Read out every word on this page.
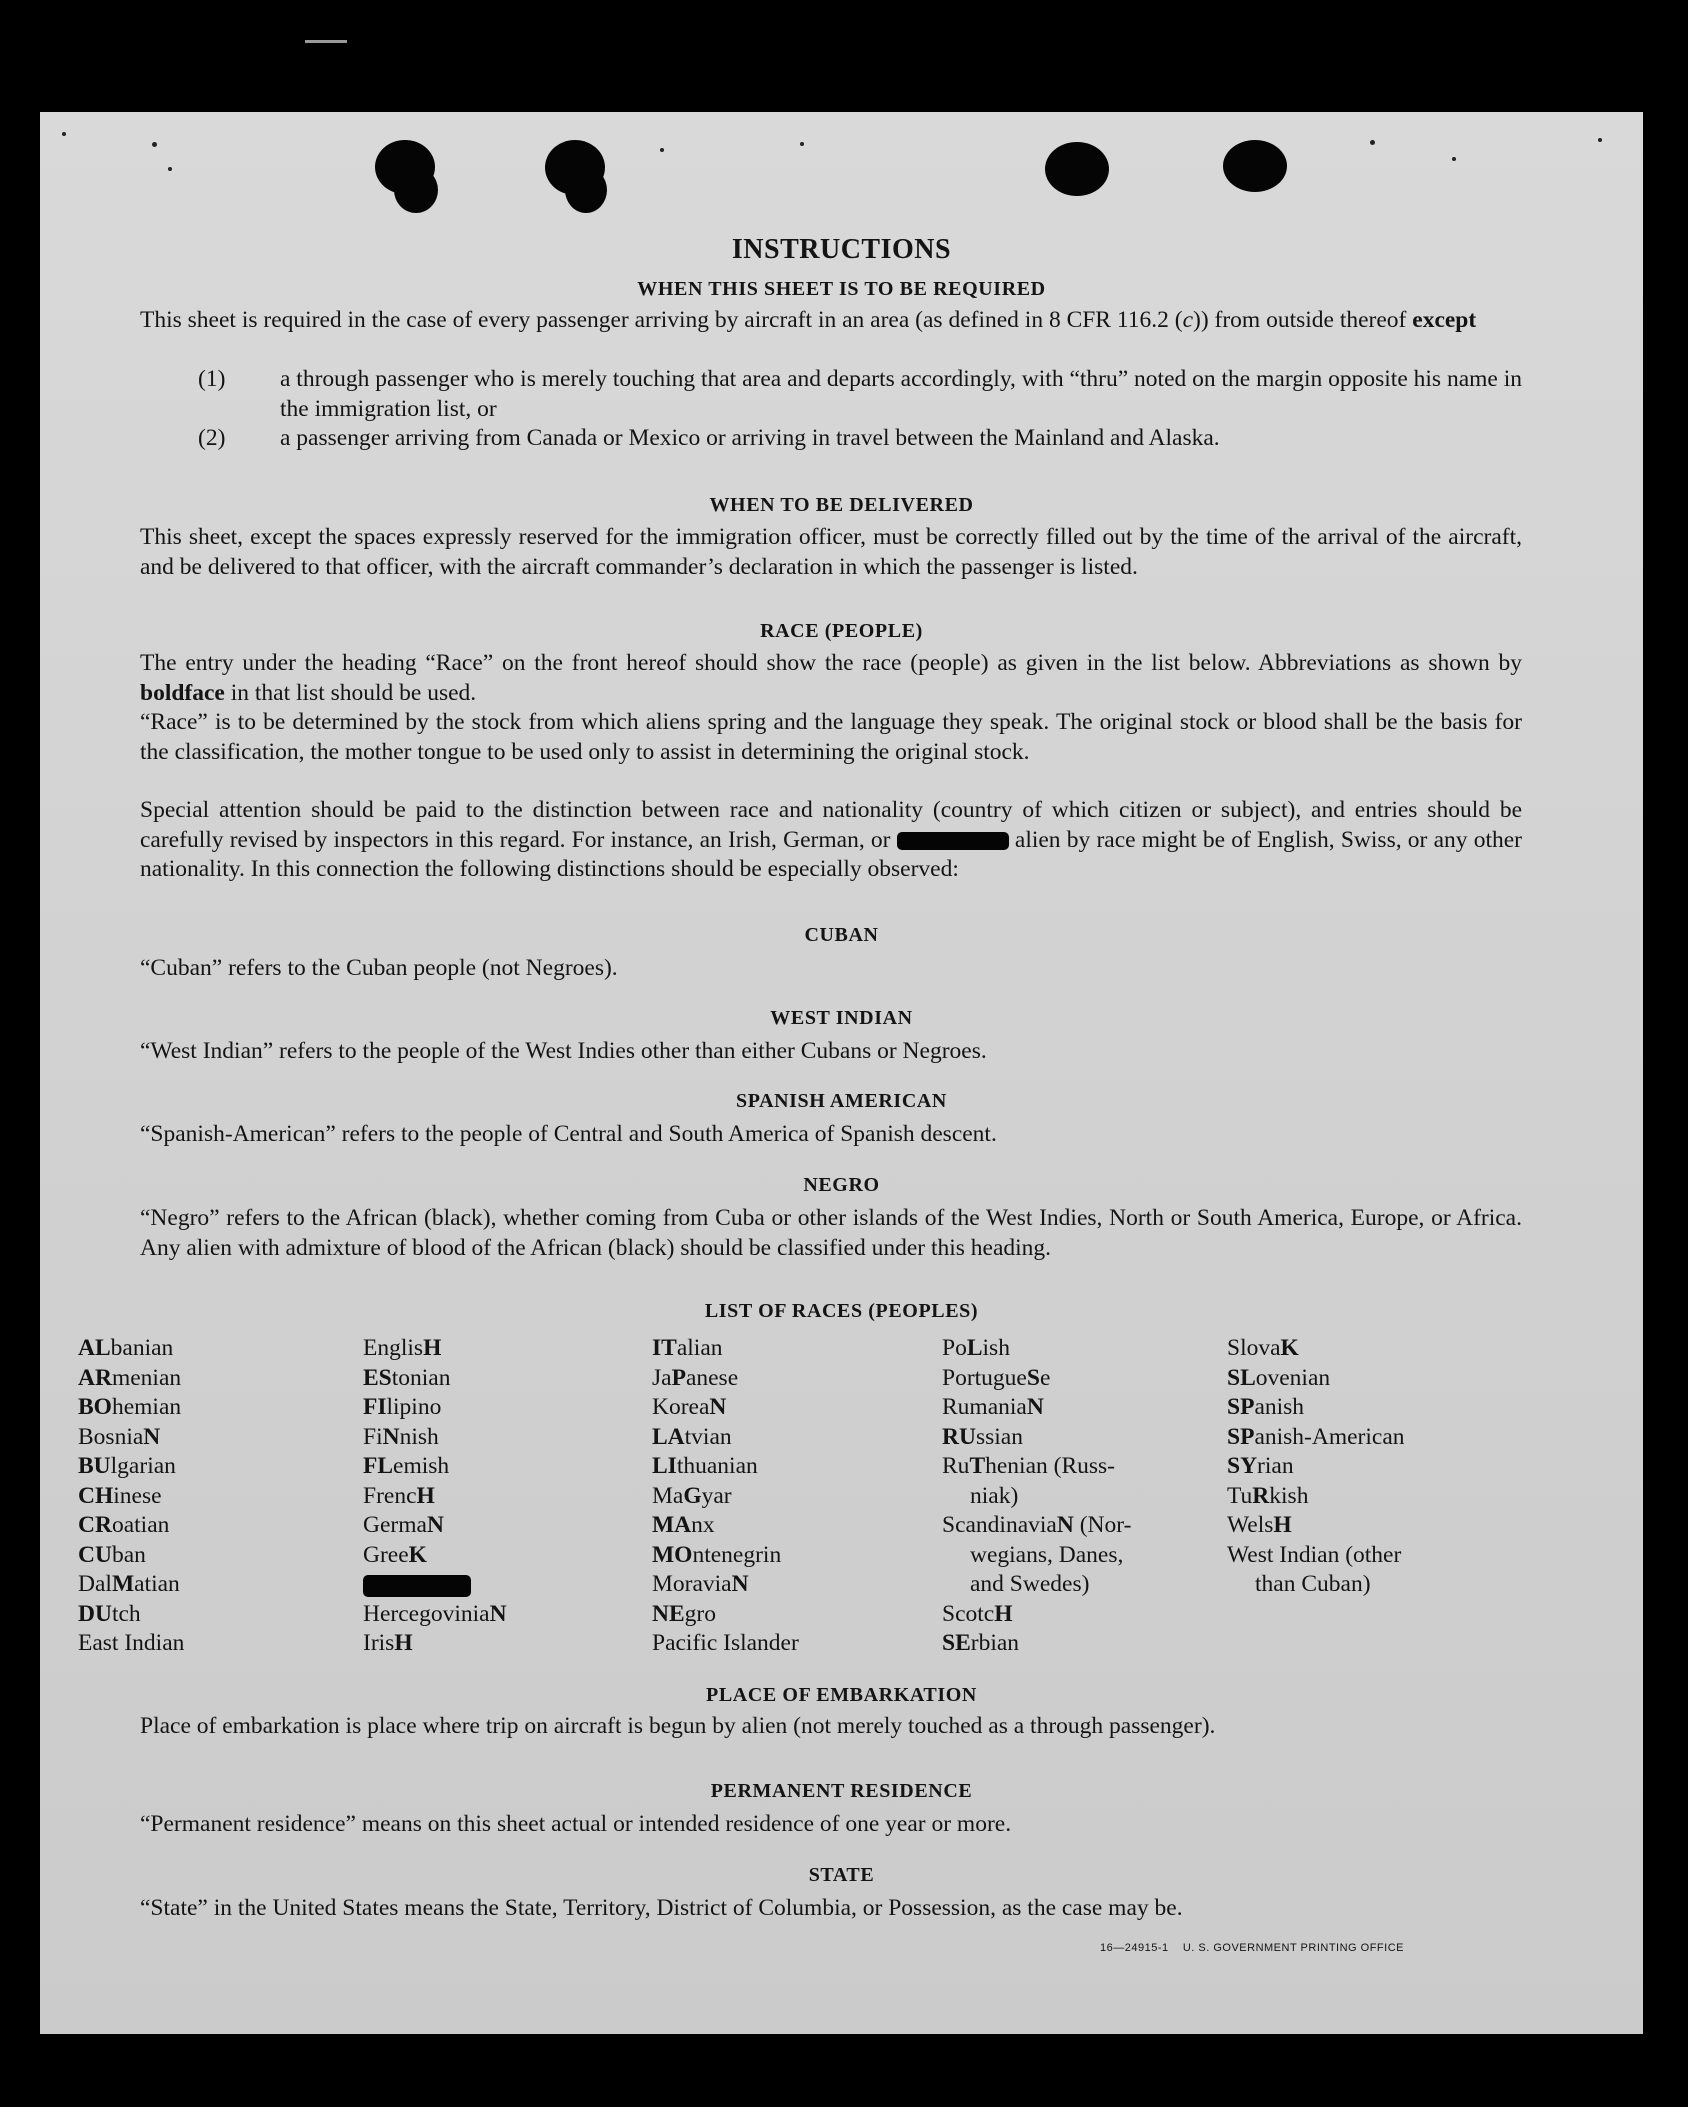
INSTRUCTIONS
WHEN THIS SHEET IS TO BE REQUIRED
This sheet is required in the case of every passenger arriving by aircraft in an area (as defined in 8 CFR 116.2 (c)) from outside thereof except
(1) a through passenger who is merely touching that area and departs accordingly, with “thru” noted on the margin opposite his name in the immigration list, or
(2) a passenger arriving from Canada or Mexico or arriving in travel between the Mainland and Alaska.
WHEN TO BE DELIVERED
This sheet, except the spaces expressly reserved for the immigration officer, must be correctly filled out by the time of the arrival of the aircraft, and be delivered to that officer, with the aircraft commander’s declaration in which the passenger is listed.
RACE (PEOPLE)
The entry under the heading “Race” on the front hereof should show the race (people) as given in the list below. Abbreviations as shown by boldface in that list should be used.
“Race” is to be determined by the stock from which aliens spring and the language they speak. The original stock or blood shall be the basis for the classification, the mother tongue to be used only to assist in determining the original stock.
Special attention should be paid to the distinction between race and nationality (country of which citizen or subject), and entries should be carefully revised by inspectors in this regard. For instance, an Irish, German, or	alien by race might be of English, Swiss, or any other nationality. In this connection the following distinctions should be especially observed:
CUBAN
“Cuban” refers to the Cuban people (not Negroes).
WEST INDIAN
“West Indian” refers to the people of the West Indies other than either Cubans or Negroes.
SPANISH AMERICAN
“Spanish-American” refers to the people of Central and South America of Spanish descent.
NEGRO
“Negro” refers to the African (black), whether coming from Cuba or other islands of the West Indies, North or South America, Europe, or Africa. Any alien with admixture of blood of the African (black) should be classified under this heading.
LIST OF RACES (PEOPLES)
ALbanian
ARmenian
BOhemian
BosniaN
BUlgarian
CHinese
CRoatian
CUban
DalMatian
DUtch
East Indian
EnglisH
EStonian
FIlipino
FiNnish
FLemish
FrencH
GermaN
GreeK
HercegoviniaN
IrisH
ITalian
JaPanese
KoreaN
LAtvian
LIthuanian
MaGyar
MAnx
MOntenegrin
MoraviaN
NEgro
Pacific Islander
PoLish
PortugueSe
RumaniaN
RUssian
RuThenian (Russ-
niak)
ScandinaviaN (Nor-
wegians, Danes,
and Swedes)
ScotcH
SErbian
SlovaK
SLovenian
SPanish
SPanish-American
SYrian
TuRkish
WelsH
West Indian (other
than Cuban)
PLACE OF EMBARKATION
Place of embarkation is place where trip on aircraft is begun by alien (not merely touched as a through passenger).
PERMANENT RESIDENCE
“Permanent residence” means on this sheet actual or intended residence of one year or more.
STATE
“State” in the United States means the State, Territory, District of Columbia, or Possession, as the case may be.
16—24915-1 U. S. GOVERNMENT PRINTING OFFICE
